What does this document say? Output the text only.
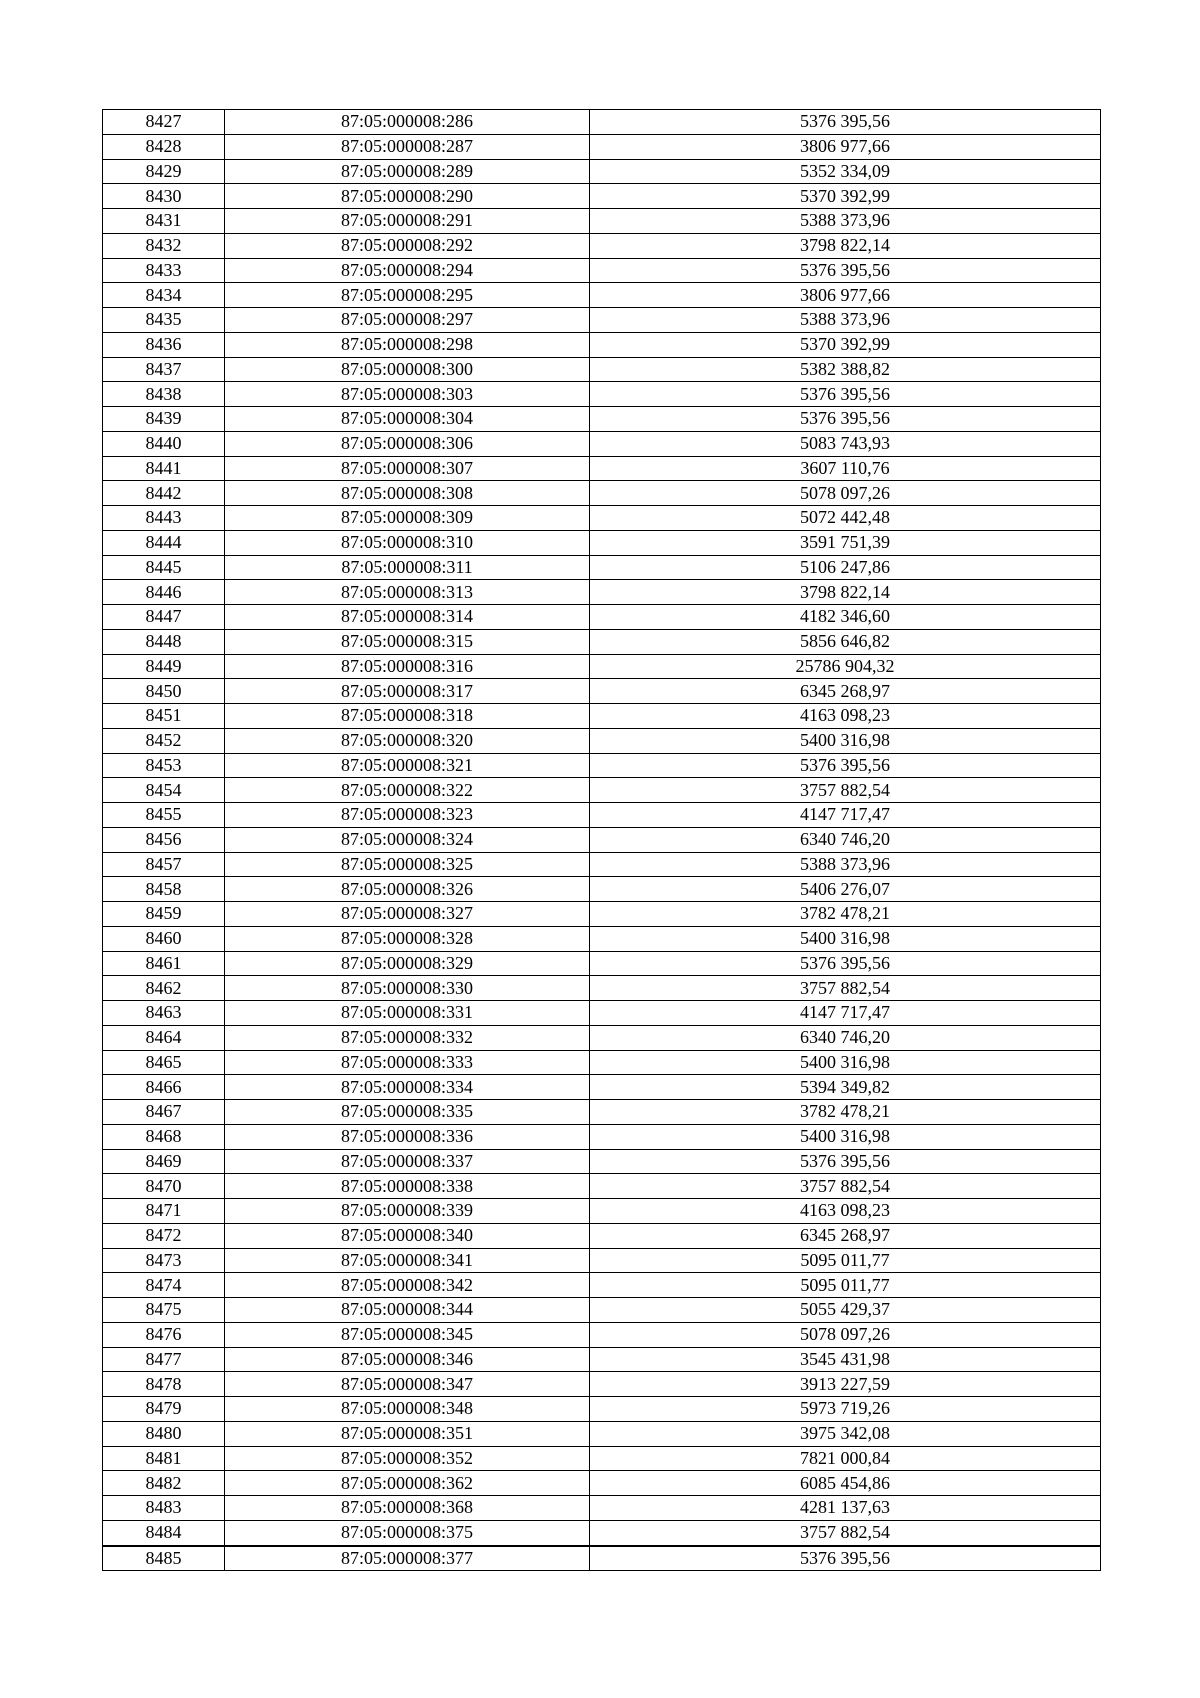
8427	87:05:000008:286	5376 395,56
8428	87:05:000008:287	3806 977,66
8429	87:05:000008:289	5352 334,09
8430	87:05:000008:290	5370 392,99
8431	87:05:000008:291	5388 373,96
8432	87:05:000008:292	3798 822,14
8433	87:05:000008:294	5376 395,56
8434	87:05:000008:295	3806 977,66
8435	87:05:000008:297	5388 373,96
8436	87:05:000008:298	5370 392,99
8437	87:05:000008:300	5382 388,82
8438	87:05:000008:303	5376 395,56
8439	87:05:000008:304	5376 395,56
8440	87:05:000008:306	5083 743,93
8441	87:05:000008:307	3607 110,76
8442	87:05:000008:308	5078 097,26
8443	87:05:000008:309	5072 442,48
8444	87:05:000008:310	3591 751,39
8445	87:05:000008:311	5106 247,86
8446	87:05:000008:313	3798 822,14
8447	87:05:000008:314	4182 346,60
8448	87:05:000008:315	5856 646,82
8449	87:05:000008:316	25786 904,32
8450	87:05:000008:317	6345 268,97
8451	87:05:000008:318	4163 098,23
8452	87:05:000008:320	5400 316,98
8453	87:05:000008:321	5376 395,56
8454	87:05:000008:322	3757 882,54
8455	87:05:000008:323	4147 717,47
8456	87:05:000008:324	6340 746,20
8457	87:05:000008:325	5388 373,96
8458	87:05:000008:326	5406 276,07
8459	87:05:000008:327	3782 478,21
8460	87:05:000008:328	5400 316,98
8461	87:05:000008:329	5376 395,56
8462	87:05:000008:330	3757 882,54
8463	87:05:000008:331	4147 717,47
8464	87:05:000008:332	6340 746,20
8465	87:05:000008:333	5400 316,98
8466	87:05:000008:334	5394 349,82
8467	87:05:000008:335	3782 478,21
8468	87:05:000008:336	5400 316,98
8469	87:05:000008:337	5376 395,56
8470	87:05:000008:338	3757 882,54
8471	87:05:000008:339	4163 098,23
8472	87:05:000008:340	6345 268,97
8473	87:05:000008:341	5095 011,77
8474	87:05:000008:342	5095 011,77
8475	87:05:000008:344	5055 429,37
8476	87:05:000008:345	5078 097,26
8477	87:05:000008:346	3545 431,98
8478	87:05:000008:347	3913 227,59
8479	87:05:000008:348	5973 719,26
8480	87:05:000008:351	3975 342,08
8481	87:05:000008:352	7821 000,84
8482	87:05:000008:362	6085 454,86
8483	87:05:000008:368	4281 137,63
8484	87:05:000008:375	3757 882,54
8485	87:05:000008:377	5376 395,56
